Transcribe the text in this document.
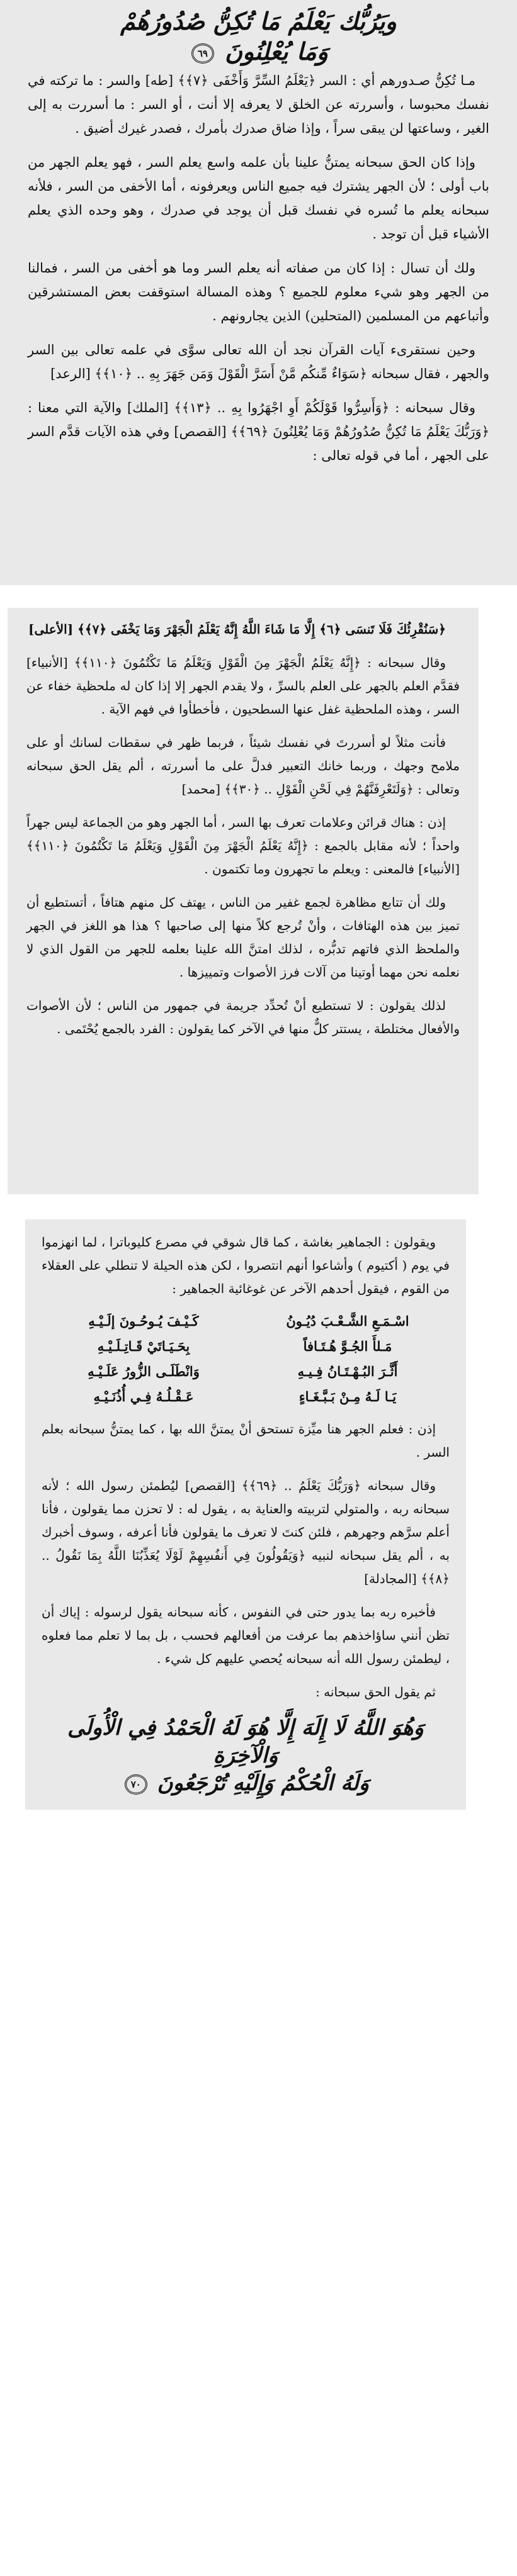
ويَرُبُّك يَعْلَمُ مَا تُكِنُّ صُدُورُهُمْ
وَمَا يُعْلِنُونَ ٦٩

مـا تُكِنُّ صـدورهم أي : السر ﴿يَعْلَمُ السِّرَّ وَأَخْفَى ﴿٧﴾﴾ [طه] والسر : ما تركته في نفسك محبوسا ، وأسررته عن الخلق لا يعرفه إلا أنت ، أو السر : ما أسررت به إلى الغير ، وساعتها لن يبقى سراً ، وإذا ضاق صدرك بأمرك ، فصدر غيرك أضيق .

وإذا كان الحق سبحانه يمتنُّ علينا بأن علمه واسع يعلم السر ، فهو يعلم الجهر من باب أولى ؛ لأن الجهر يشترك فيه جميع الناس ويعرفونه ، أما الأخفى من السر ، فلأنه سبحانه يعلم ما تُسره في نفسك قبل أن يوجد في صدرك ، وهو وحده الذي يعلم الأشياء قبل أن توجد .

ولك أن تسال : إذا كان من صفاته أنه يعلم السر وما هو أخفى من السر ، فمالنا من الجهر وهو شيء معلوم للجميع ؟ وهذه المسالة استوقفت بعض المستشرقين وأتباعهم من المسلمين (المتحلين) الذين يجارونهم .

وحين نستقرىء آيات القرآن نجد أن الله تعالى سوَّى في علمه تعالى بين السر والجهر ، فقال سبحانه ﴿سَوَاءٌ مِّنكُم مَّنْ أَسَرَّ الْقَوْلَ وَمَن جَهَرَ بِهِ .. ﴿١٠﴾﴾ [الرعد]

وقال سبحانه : ﴿وَأَسِرُّوا قَوْلَكُمْ أَوِ اجْهَرُوا بِهِ .. ﴿١٣﴾﴾ [الملك] والآية التي معنا : ﴿وَرَبُّكَ يَعْلَمُ مَا تُكِنُّ صُدُورُهُمْ وَمَا يُعْلِنُونَ ﴿٦٩﴾﴾ [القصص] وفي هذه الآيات قدَّم السر على الجهر ، أما في قوله تعالى :

﴿سَنُقْرِئُكَ فَلَا تَنسَى ﴿٦﴾ إِلَّا مَا شَاءَ اللَّهُ إِنَّهُ يَعْلَمُ الْجَهْرَ وَمَا يَخْفَى ﴿٧﴾﴾ [الأعلى]

وقال سبحانه : ﴿إِنَّهُ يَعْلَمُ الْجَهْرَ مِنَ الْقَوْلِ وَيَعْلَمُ مَا تَكْتُمُونَ ﴿١١٠﴾﴾ [الأنبياء] فقدَّم العلم بالجهر على العلم بالسرِّ ، ولا يقدم الجهر إلا إذا كان له ملحظية خفاء عن السر ، وهذه الملحظية غفل عنها السطحيون ، فأخطأوا في فهم الآية .

فأنت مثلاً لو أسررتَ في نفسك شيئاً ، فربما ظهر في سقطات لسانك أو على ملامح وجهك ، وربما خانك التعبير فدلَّ على ما أسررته ، ألم يقل الحق سبحانه وتعالى : ﴿وَلَتَعْرِفَنَّهُمْ فِي لَحْنِ الْقَوْلِ .. ﴿٣٠﴾﴾ [محمد]

إذن : هناك قرائن وعلامات تعرف بها السر ، أما الجهر وهو من الجماعة ليس جهراً واحداً ؛ لأنه مقابل بالجمع : ﴿إِنَّهُ يَعْلَمُ الْجَهْرَ مِنَ الْقَوْلِ وَيَعْلَمُ مَا تَكْتُمُونَ ﴿١١٠﴾﴾ [الأنبياء] فالمعنى : ويعلم ما تجهرون وما تكتمون .

ولك أن تتابع مظاهرة لجمع غفير من الناس ، يهتف كل منهم هتافاً ، أتستطيع أن تميز بين هذه الهتافات ، وأنْ تُرجع كلاً منها إلى صاحبها ؟ هذا هو اللغز في الجهر والملحظ الذي فاتهم تدبُّره ، لذلك امتنَّ الله علينا بعلمه للجهر من القول الذي لا نعلمه نحن مهما أوتينا من آلات فرز الأصوات وتمييزها .

لذلك يقولون : لا تستطيع أنْ تُحدِّد جريمة في جمهور من الناس ؛ لأن الأصوات والأفعال مختلطة ، يستتر كلٌّ منها في الآخر كما يقولون : الفرد بالجمع يُحْتَمى .

ويقولون : الجماهير بغاشة ، كما قال شوقي في مصرع كليوباترا ، لما انهزموا في يوم ( أكتيوم ) وأشاعوا أنهم انتصروا ، لكن هذه الحيلة لا تنطلي على العقلاء من القوم ، فيقول أحدهم الآخر عن غوغائية الجماهير :

اسْـمَـعِ الشَّـعْـبَ دُيُـونُ
كَـيْـفَ يُـوحُـونَ إلَـيْـهِ
مَـلأَ الجُـوَّ هُـتَـافاً
بِحَـيَـاتَيْ قَـاتِـلَـيْـهِ
أَثَّـرَ البُـهْـتَـانُ فِـيـهِ
وَانْطَلَـى الزُّورُ عَلَـيْـهِ
يَـا لَـهُ مِـنْ بَـبَّـغَـاءٍ
عَـقْـلُـهُ فِـي أُذُنَـيْـهِ

إذن : فعلم الجهر هنا ميِّزة تستحق أنْ يمتنَّ الله بها ، كما يمتنُّ سبحانه بعلم السر .

وقال سبحانه ﴿وَرَبُّكَ يَعْلَمُ .. ﴿٦٩﴾﴾ [القصص] ليُطمئن رسول الله ؛ لأنه سبحانه ربه ، والمتولي لتربيته والعناية به ، يقول له : لا تحزن مما يقولون ، فأنا أعلم سرَّهم وجهرهم ، فلئن كنتَ لا تعرف ما يقولون فأنا أعرفه ، وسوف أخبرك به ، ألم يقل سبحانه لنبيه ﴿وَيَقُولُونَ فِي أَنفُسِهِمْ لَوْلَا يُعَذِّبُنَا اللَّهُ بِمَا نَقُولُ .. ﴿٨﴾﴾ [المجادلة]

فأخبره ربه بما يدور حتى في النفوس ، كأنه سبحانه يقول لرسوله : إياك أن تظن أنني ساؤاخذهم بما عرفت من أفعالهم فحسب ، بل بما لا تعلم مما فعلوه ، ليطمئن رسول الله أنه سبحانه يُحصي عليهم كل شيء .

ثم يقول الحق سبحانه :

وَهُوَ اللَّهُ لَا إِلَهَ إِلَّا هُوَ لَهُ الْحَمْدُ فِي الْأُولَى وَالْآخِرَةِ
وَلَهُ الْحُكْمُ وَإِلَيْهِ تُرْجَعُونَ ٧٠
